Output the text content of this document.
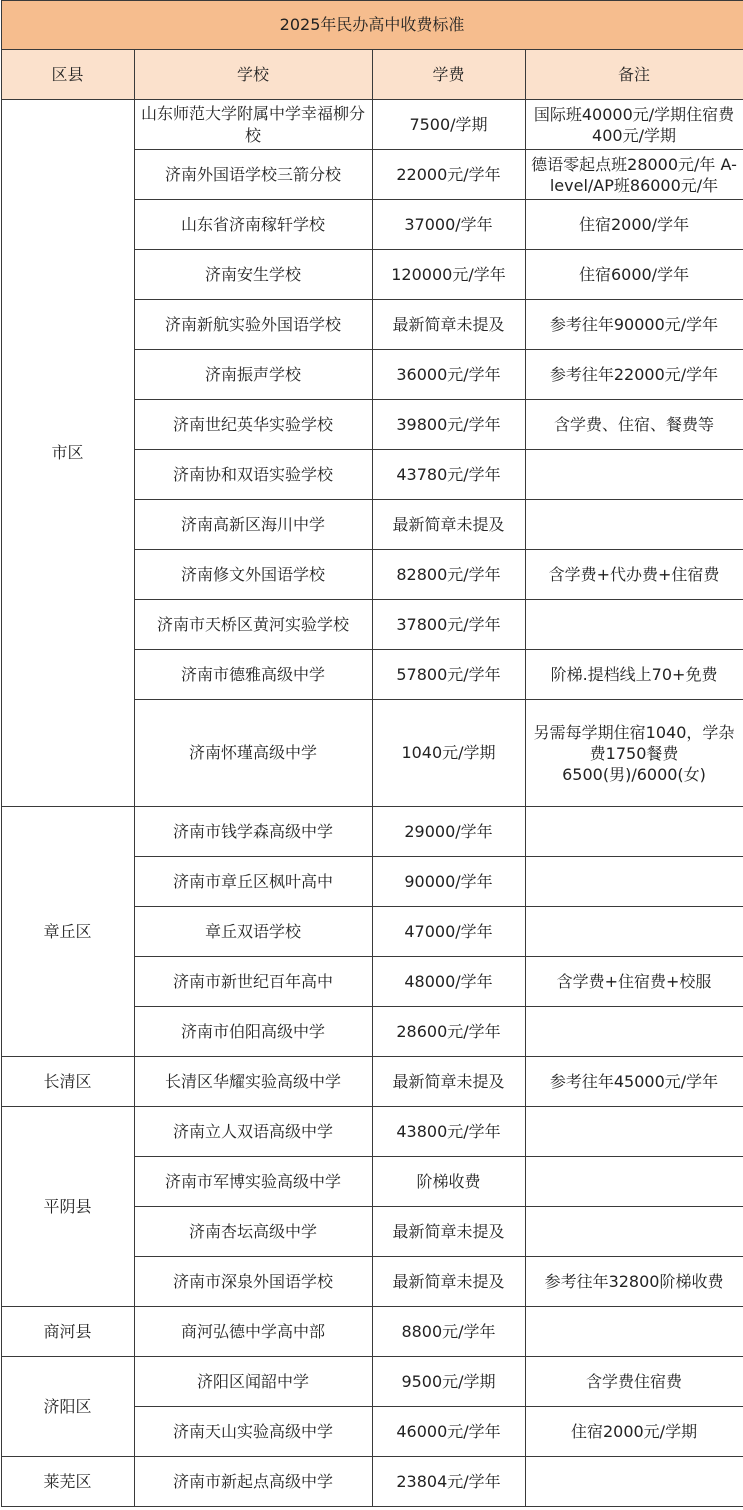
2025年民办高中收费标准			
区县	学校	学费	备注
市区	山东师范大学附属中学幸福柳分校	7500/学期	国际班40000元/学期住宿费400元/学期
	济南外国语学校三箭分校	22000元/学年	德语零起点班28000元/年 A-level/AP班86000元/年
	山东省济南稼轩学校	37000/学年	住宿2000/学年
	济南安生学校	120000元/学年	住宿6000/学年
	济南新航实验外国语学校	最新简章未提及	参考往年90000元/学年
	济南振声学校	36000元/学年	参考往年22000元/学年
	济南世纪英华实验学校	39800元/学年	含学费、住宿、餐费等
	济南协和双语实验学校	43780元/学年	
	济南高新区海川中学	最新简章未提及	
	济南修文外国语学校	82800元/学年	含学费+代办费+住宿费
	济南市天桥区黄河实验学校	37800元/学年	
	济南市德雅高级中学	57800元/学年	阶梯.提档线上70+免费
	济南怀瑾高级中学	1040元/学期	另需每学期住宿1040，学杂费1750餐费6500(男)/6000(女)
章丘区	济南市钱学森高级中学	29000/学年	
	济南市章丘区枫叶高中	90000/学年	
	章丘双语学校	47000/学年	
	济南市新世纪百年高中	48000/学年	含学费+住宿费+校服
	济南市伯阳高级中学	28600元/学年	
长清区	长清区华耀实验高级中学	最新简章未提及	参考往年45000元/学年
平阴县	济南立人双语高级中学	43800元/学年	
	济南市军博实验高级中学	阶梯收费	
	济南杏坛高级中学	最新简章未提及	
	济南市深泉外国语学校	最新简章未提及	参考往年32800阶梯收费
商河县	商河弘德中学高中部	8800元/学年	
济阳区	济阳区闻韶中学	9500元/学期	含学费住宿费
	济南天山实验高级中学	46000元/学年	住宿2000元/学期
莱芜区	济南市新起点高级中学	23804元/学年	
